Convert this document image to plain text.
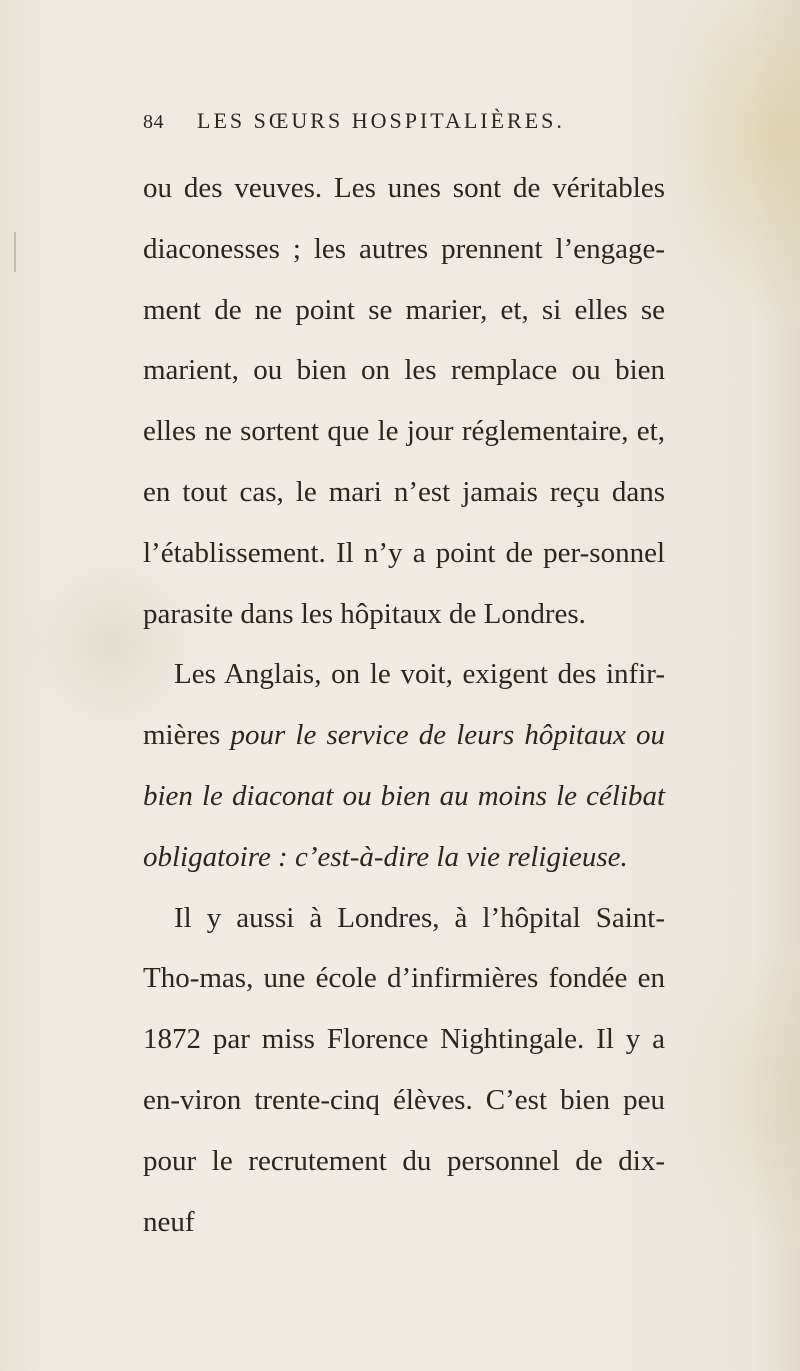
84 LES SŒURS HOSPITALIÈRES.

ou des veuves. Les unes sont de véritables diaconesses ; les autres prennent l’engage-ment de ne point se marier, et, si elles se marient, ou bien on les remplace ou bien elles ne sortent que le jour réglementaire, et, en tout cas, le mari n’est jamais reçu dans l’établissement. Il n’y a point de per-sonnel parasite dans les hôpitaux de Londres.

Les Anglais, on le voit, exigent des infir-mières pour le service de leurs hôpitaux ou bien le diaconat ou bien au moins le célibat obligatoire : c’est-à-dire la vie religieuse.

Il y aussi à Londres, à l’hôpital Saint-Tho-mas, une école d’infirmières fondée en 1872 par miss Florence Nightingale. Il y a en-viron trente-cinq élèves. C’est bien peu pour le recrutement du personnel de dix-neuf
